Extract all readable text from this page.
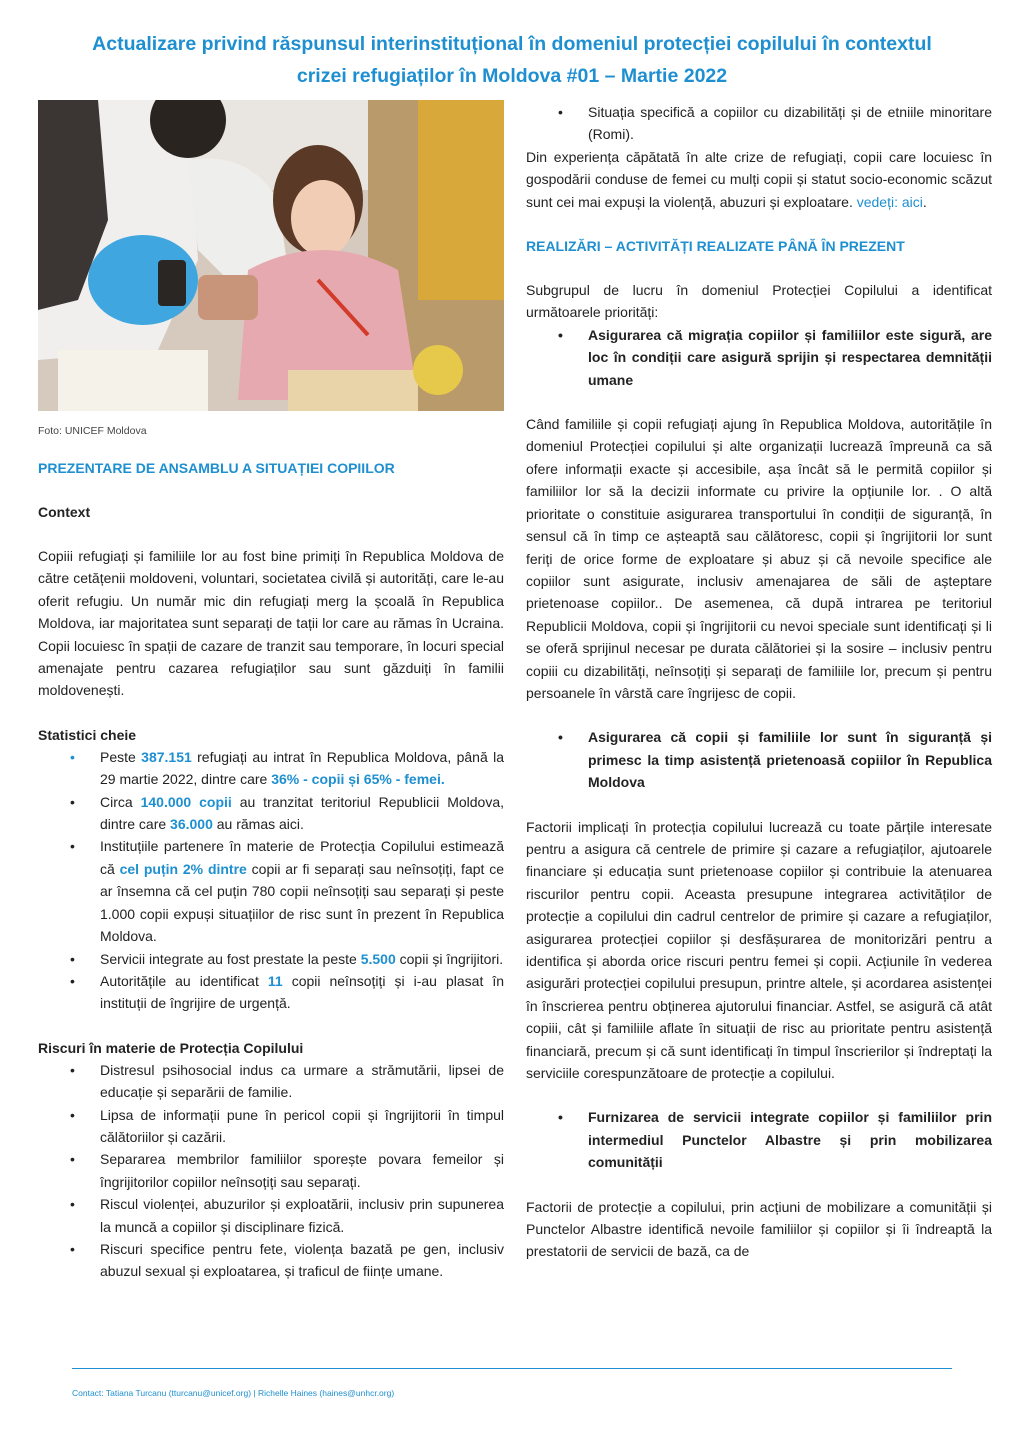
Actualizare privind răspunsul interinstituțional în domeniul protecției copilului în contextul
crizei refugiaților în Moldova #01 – Martie 2022
Foto: UNICEF Moldova
PREZENTARE DE ANSAMBLU A SITUAȚIEI COPIILOR
Context

Copiii refugiați și familiile lor au fost bine primiți în Republica Moldova de către cetățenii moldoveni, voluntari, societatea civilă și autorități, care le-au oferit refugiu. Un număr mic din refugiați merg la școală în Republica Moldova, iar majoritatea sunt separați de tații lor care au rămas în Ucraina. Copii locuiesc în spații de cazare de tranzit sau temporare, în locuri special amenajate pentru cazarea refugiaților sau sunt găzduiți în familii moldovenești.

Statistici cheie
• Peste 387.151 refugiați au intrat în Republica Moldova, până la 29 martie 2022, dintre care 36% - copii și 65% - femei.
• Circa 140.000 copii au tranzitat teritoriul Republicii Moldova, dintre care 36.000 au rămas aici.
• Instituțiile partenere în materie de Protecția Copilului estimează că cel puțin 2% dintre copii ar fi separați sau neînsoțiți, fapt ce ar însemna că cel puțin 780 copii neînsoțiți sau separați și peste 1.000 copii expuși situațiilor de risc sunt în prezent în Republica Moldova.
• Servicii integrate au fost prestate la peste 5.500 copii și îngrijitori.
• Autoritățile au identificat 11 copii neînsoțiți și i-au plasat în instituții de îngrijire de urgență.
Riscuri în materie de Protecția Copilului
• Distresul psihosocial indus ca urmare a strămutării, lipsei de educație și separării de familie.
• Lipsa de informații pune în pericol copii și îngrijitorii în timpul călătoriilor și cazării.
• Separarea membrilor familiilor sporește povara femeilor și îngrijitorilor copiilor neînsoțiți sau separați.
• Riscul violenței, abuzurilor și exploatării, inclusiv prin supunerea la muncă a copiilor și disciplinare fizică.
• Riscuri specifice pentru fete, violența bazată pe gen, inclusiv abuzul sexual și exploatarea, și traficul de ființe umane.
• Situația specifică a copiilor cu dizabilități și de etniile minoritare (Romi).

Din experiența căpătată în alte crize de refugiați, copii care locuiesc în gospodării conduse de femei cu mulți copii și statut socio-economic scăzut sunt cei mai expuși la violență, abuzuri și exploatare. vedeți: aici.

REALIZĂRI – ACTIVITĂȚI REALIZATE PÂNĂ ÎN PREZENT

Subgrupul de lucru în domeniul Protecției Copilului a identificat următoarele priorități:

• Asigurarea că migrația copiilor și familiilor este sigură, are loc în condiții care asigură sprijin și respectarea demnității umane

Când familiile și copii refugiați ajung în Republica Moldova, autoritățile în domeniul Protecției copilului și alte organizații lucrează împreună ca să ofere informații exacte și accesibile, așa încât să le permită copiilor și familiilor lor să la decizii informate cu privire la opțiunile lor. . O altă prioritate o constituie asigurarea transportului în condiții de siguranță, în sensul că în timp ce așteaptă sau călătoresc, copii și îngrijitorii lor sunt feriți de orice forme de exploatare și abuz și că nevoile specifice ale copiilor sunt asigurate, inclusiv amenajarea de săli de așteptare prietenoase copiilor.. De asemenea, că după intrarea pe teritoriul Republicii Moldova, copii și îngrijitorii cu nevoi speciale sunt identificați și li se oferă sprijinul necesar pe durata călătoriei și la sosire – inclusiv pentru copiii cu dizabilități, neînsoțiți și separați de familiile lor, precum și pentru persoanele în vârstă care îngrijesc de copii.

• Asigurarea că copii și familiile lor sunt în siguranță și primesc la timp asistență prietenoasă copiilor în Republica Moldova

Factorii implicați în protecția copilului lucrează cu toate părțile interesate pentru a asigura că centrele de primire și cazare a refugiaților, ajutoarele financiare și educația sunt prietenoase copiilor și contribuie la atenuarea riscurilor pentru copii. Aceasta presupune integrarea activităților de protecție a copilului din cadrul centrelor de primire și cazare a refugiaților, asigurarea protecției copiilor și desfășurarea de monitorizări pentru a identifica și aborda orice riscuri pentru femei și copii. Acțiunile în vederea asigurări protecției copilului presupun, printre altele, și acordarea asistenței în înscrierea pentru obținerea ajutorului financiar. Astfel, se asigură că atât copiii, cât și familiile aflate în situații de risc au prioritate pentru asistență financiară, precum și că sunt identificați în timpul înscrierilor și îndreptați la serviciile corespunzătoare de protecție a copilului.

• Furnizarea de servicii integrate copiilor și familiilor prin intermediul Punctelor Albastre și prin mobilizarea comunității

Factorii de protecție a copilului, prin acțiuni de mobilizare a comunității și Punctelor Albastre identifică nevoile familiilor și copiilor și îi îndreaptă la prestatorii de servicii de bază, ca de

Contact: Tatiana Turcanu (tturcanu@unicef.org) | Richelle Haines (haines@unhcr.org)
